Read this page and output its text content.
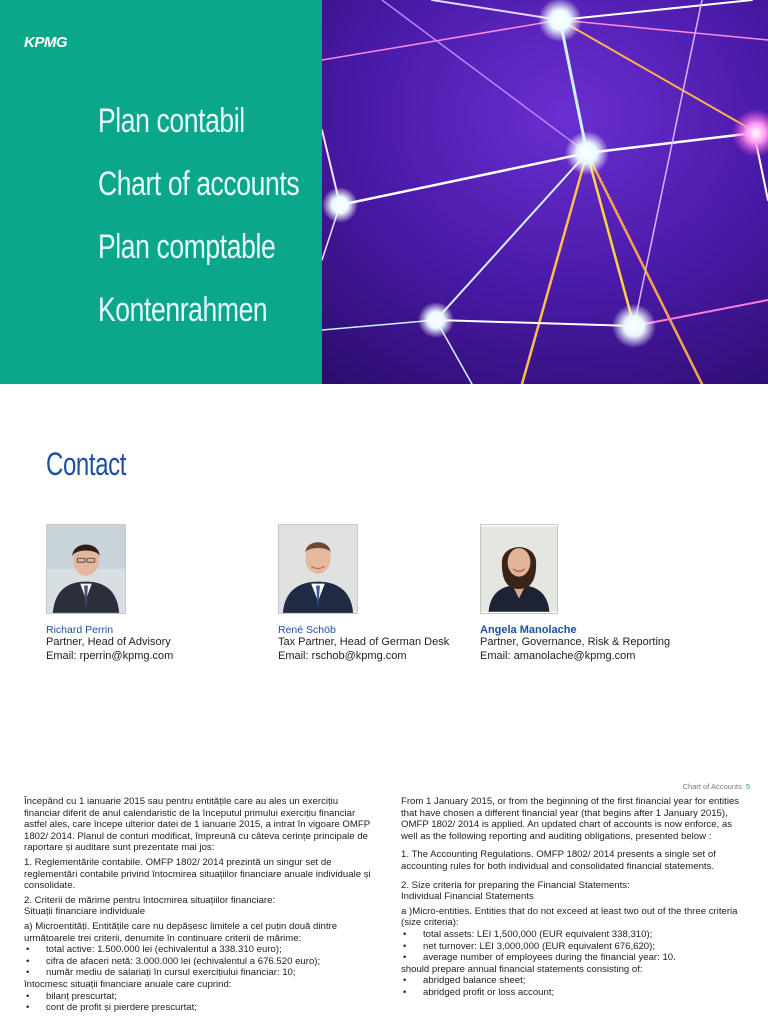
KPMG
Plan contabil
Chart of accounts
Plan comptable
Kontenrahmen
Contact
Richard Perrin
Partner, Head of Advisory
Email: rperrin@kpmg.com
René Schöb
Tax Partner, Head of German Desk
Email: rschob@kpmg.com
Angela Manolache
Partner, Governance, Risk & Reporting
Email: amanolache@kpmg.com
Chart of Accounts 5

Începând cu 1 ianuarie 2015 sau pentru entitățile care au ales un exercițiu financiar diferit de anul calendaristic de la începutul primului exercițiu financiar astfel ales, care începe ulterior datei de 1 ianuarie 2015, a intrat în vigoare OMFP 1802/ 2014. Planul de conturi modificat, împreună cu câteva cerințe principale de raportare și auditare sunt prezentate mai jos:

1. Reglementările contabile. OMFP 1802/ 2014 prezintă un singur set de reglementări contabile privind întocmirea situațiilor financiare anuale individuale și consolidate.

2. Criterii de mărime pentru întocmirea situațiilor financiare:

Situații financiare individuale

a) Microentități. Entitățile care nu depășesc limitele a cel puțin două dintre următoarele trei criterii, denumite în continuare criterii de mărime:

• total active: 1.500.000 lei (echivalentul a 338.310 euro);
• cifra de afaceri netă: 3.000.000 lei (echivalentul a 676.520 euro);
• număr mediu de salariați în cursul exercițiului financiar: 10;

întocmesc situații financiare anuale care cuprind:

• bilanț prescurtat;
• cont de profit și pierdere prescurtat;

From 1 January 2015, or from the beginning of the first financial year for entities that have chosen a different financial year (that begins after 1 January 2015), OMFP 1802/ 2014 is applied. An updated chart of accounts is now enforce, as well as the following reporting and auditing obligations, presented below :

1. The Accounting Regulations. OMFP 1802/ 2014 presents a single set of accounting rules for both individual and consolidated financial statements.

2. Size criteria for preparing the Financial Statements:

Individual Financial Statements

a )Micro-entities. Entities that do not exceed at least two out of the three criteria (size criteria):

• total assets: LEI 1,500,000 (EUR equivalent 338,310);
• net turnover: LEI 3,000,000 (EUR equivalent 676,620);
• average number of employees during the financial year: 10.

should prepare annual financial statements consisting of:

• abridged balance sheet;
• abridged profit or loss account;
